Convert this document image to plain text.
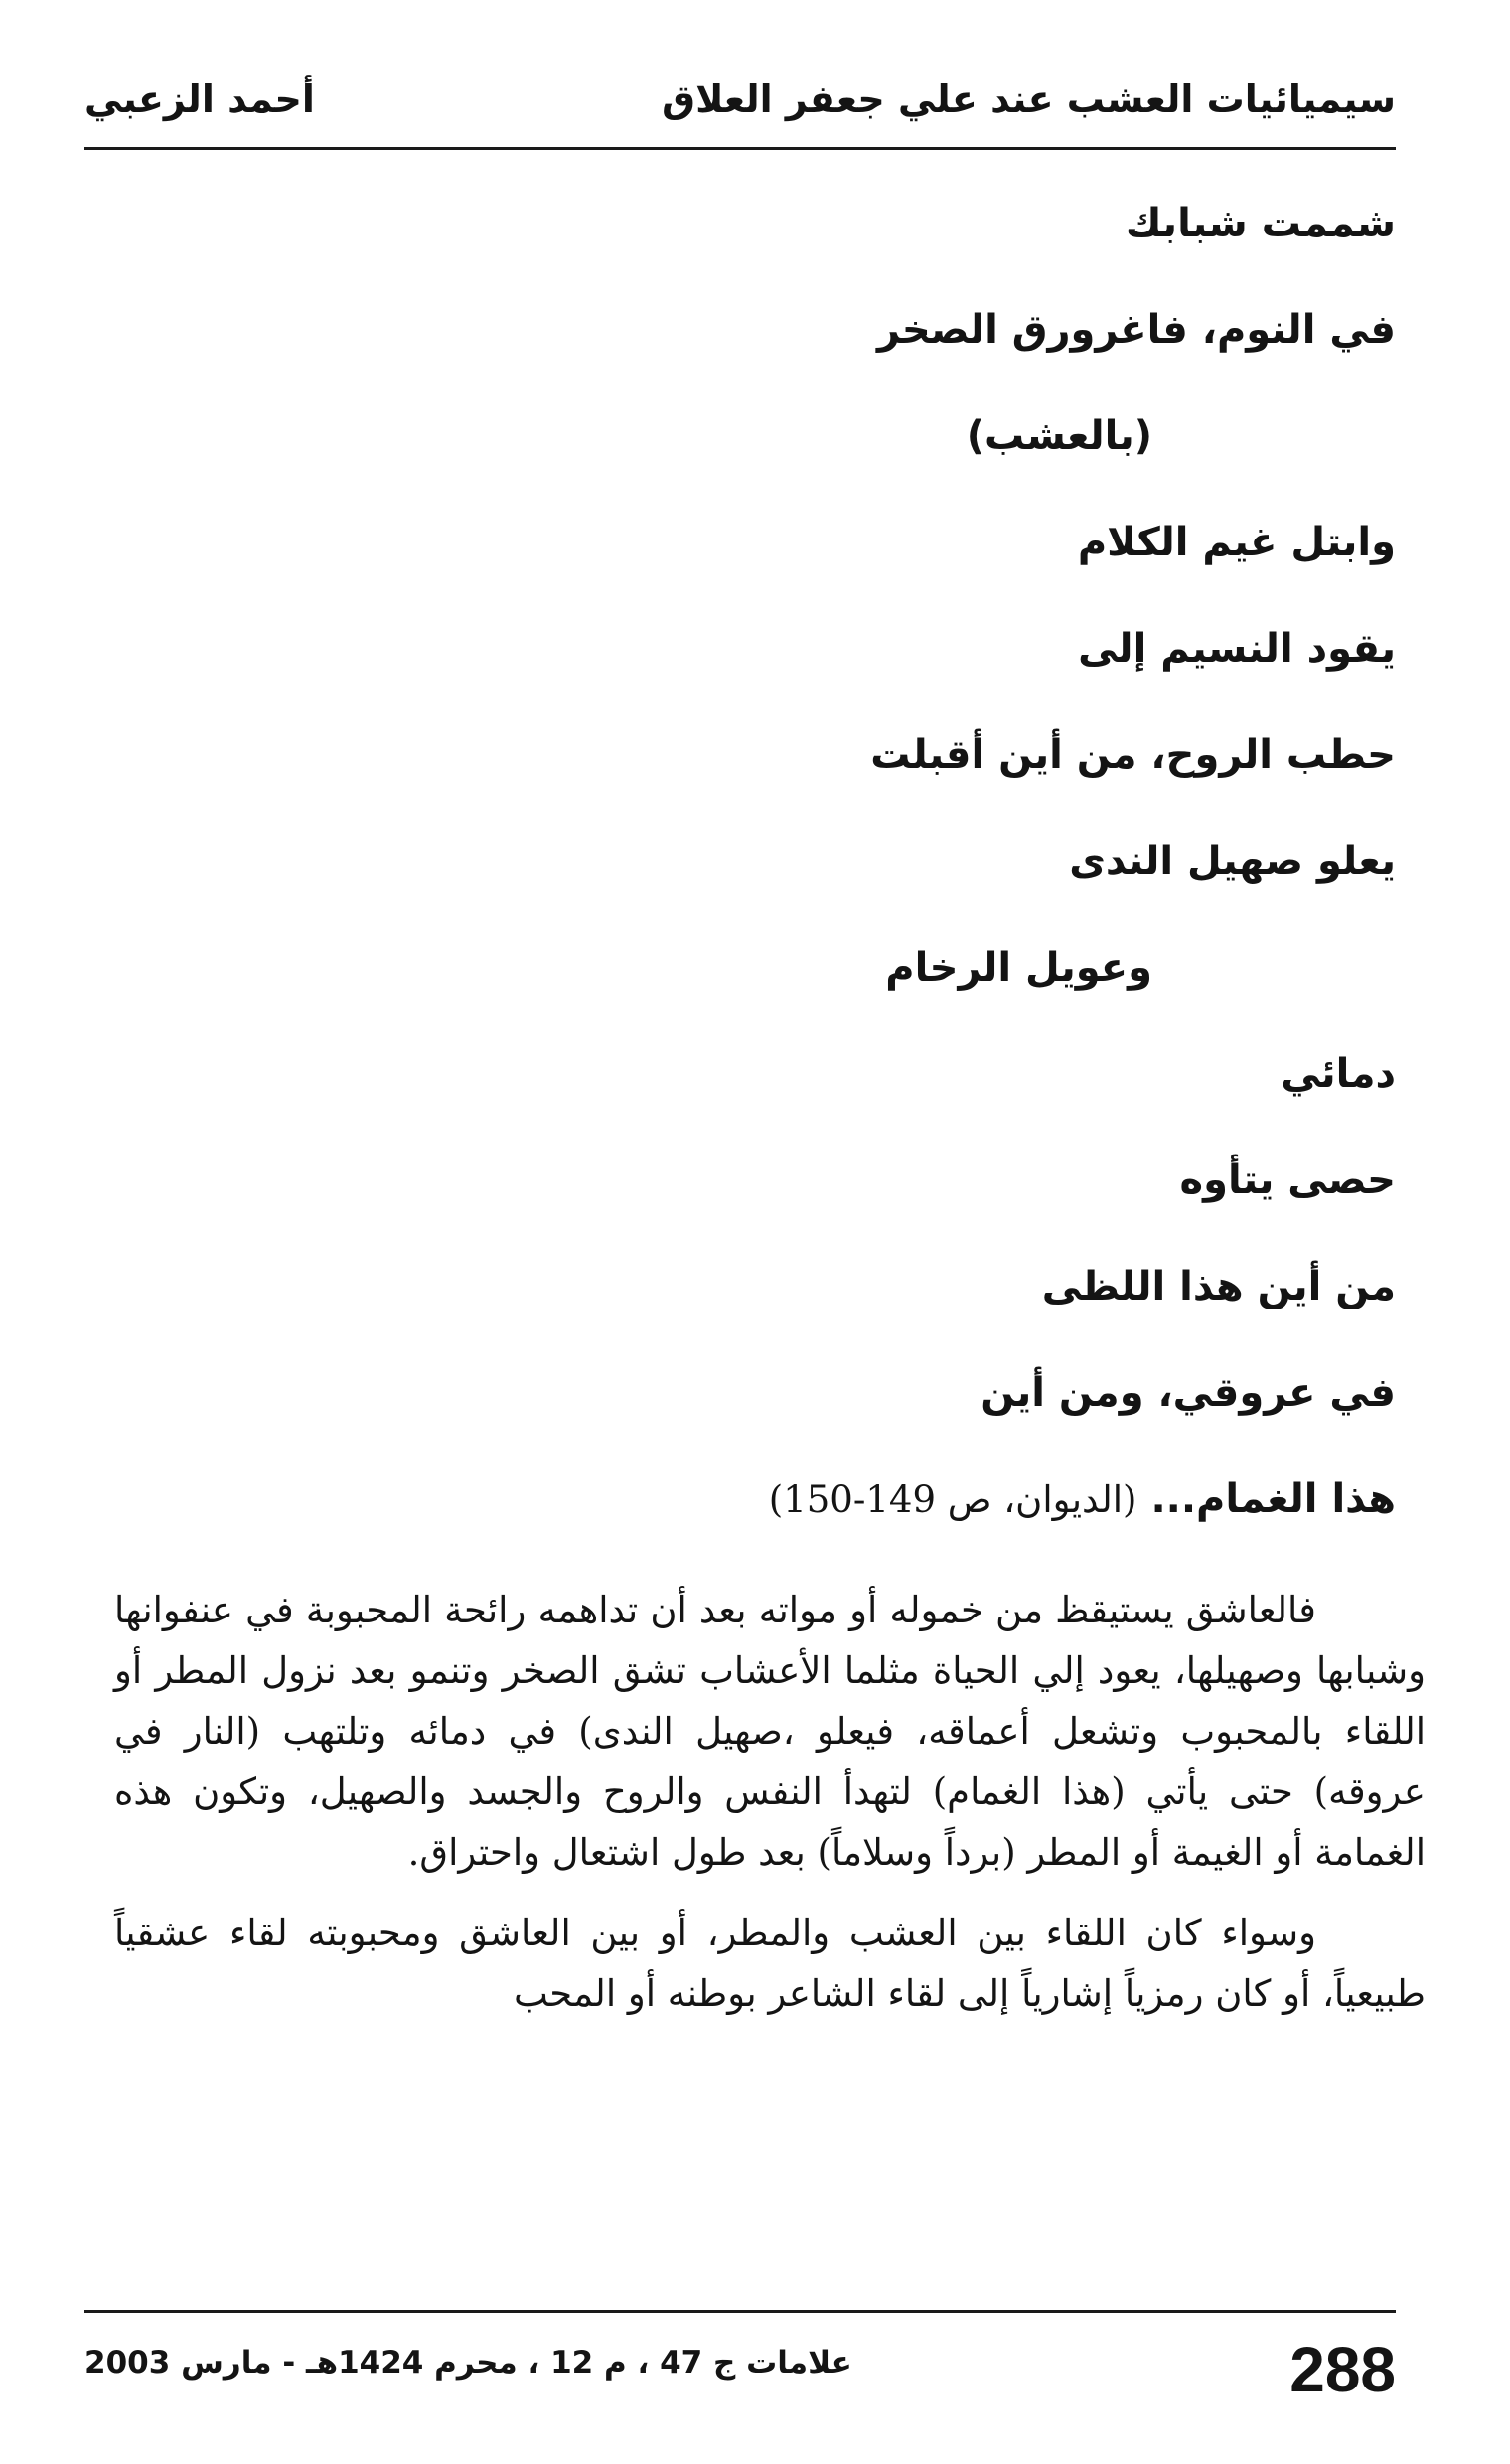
سيميائيات العشب عند علي جعفر العلاق
أحمد الزعبي
شممت شبابك
في النوم، فاغرورق الصخر
(بالعشب)
وابتل غيم الكلام
يقود النسيم إلى
حطب الروح، من أين أقبلت
يعلو صهيل الندى
وعويل الرخام
دمائي
حصى يتأوه
من أين هذا اللظى
في عروقي، ومن أين
هذا الغمام...(الديوان، ص 149-150)

فالعاشق يستيقظ من خموله أو مواته بعد أن تداهمه رائحة المحبوبة في عنفوانها وشبابها وصهيلها، يعود إلي الحياة مثلما الأعشاب تشق الصخر وتنمو بعد نزول المطر أو اللقاء بالمحبوب وتشعل أعماقه، فيعلو ،صهيل الندى) في دمائه وتلتهب (النار في عروقه) حتى يأتي (هذا الغمام) لتهدأ النفس والروح والجسد والصهيل، وتكون هذه الغمامة أو الغيمة أو المطر (برداً وسلاماً) بعد طول اشتعال واحتراق.

وسواء كان اللقاء بين العشب والمطر، أو بين العاشق ومحبوبته لقاء عشقياً طبيعياً، أو كان رمزياً إشارياً إلى لقاء الشاعر بوطنه أو المحب

288
علامات ج 47 ، م 12 ، محرم 1424هـ - مارس 2003
